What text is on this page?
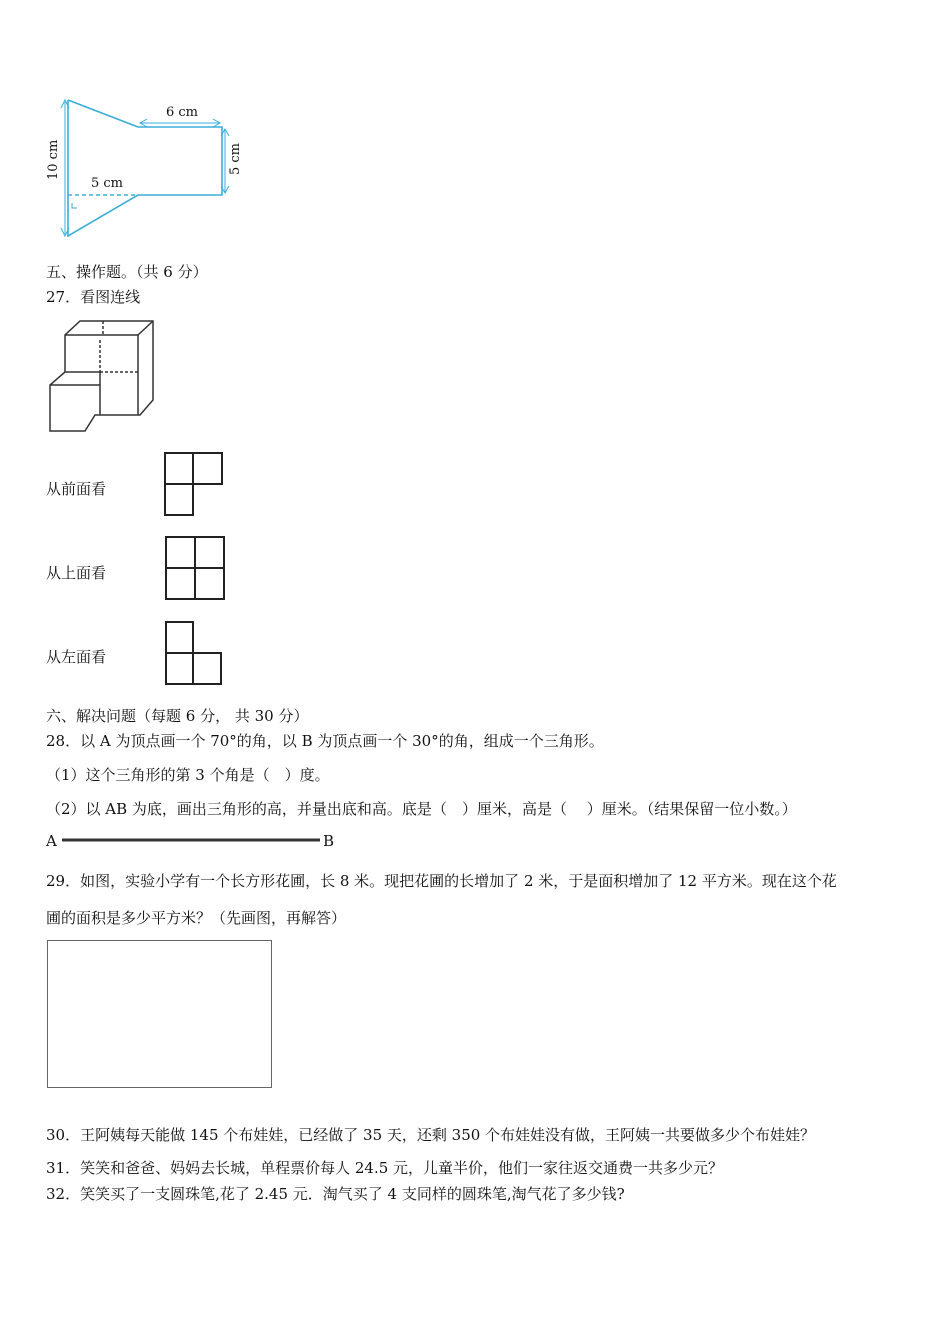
6 cm
5 cm
5 cm
10 cm
五、操作题。（共 6 分）
27．看图连线
从前面看
从上面看
从左面看
六、解决问题（每题 6 分， 共 30 分）
28．以 A 为顶点画一个 70°的角，以 B 为顶点画一个 30°的角，组成一个三角形。
（1）这个三角形的第 3 个角是（　）度。
（2）以 AB 为底，画出三角形的高，并量出底和高。底是（　）厘米，高是（　 ）厘米。（结果保留一位小数。）
A	B
29．如图，实验小学有一个长方形花圃，长 8 米。现把花圃的长增加了 2 米，于是面积增加了 12 平方米。现在这个花
圃的面积是多少平方米？（先画图，再解答）
30．王阿姨每天能做 145 个布娃娃，已经做了 35 天，还剩 350 个布娃娃没有做，王阿姨一共要做多少个布娃娃？
31．笑笑和爸爸、妈妈去长城，单程票价每人 24.5 元，儿童半价，他们一家往返交通费一共多少元？
32．笑笑买了一支圆珠笔,花了 2.45 元．淘气买了 4 支同样的圆珠笔,淘气花了多少钱?
